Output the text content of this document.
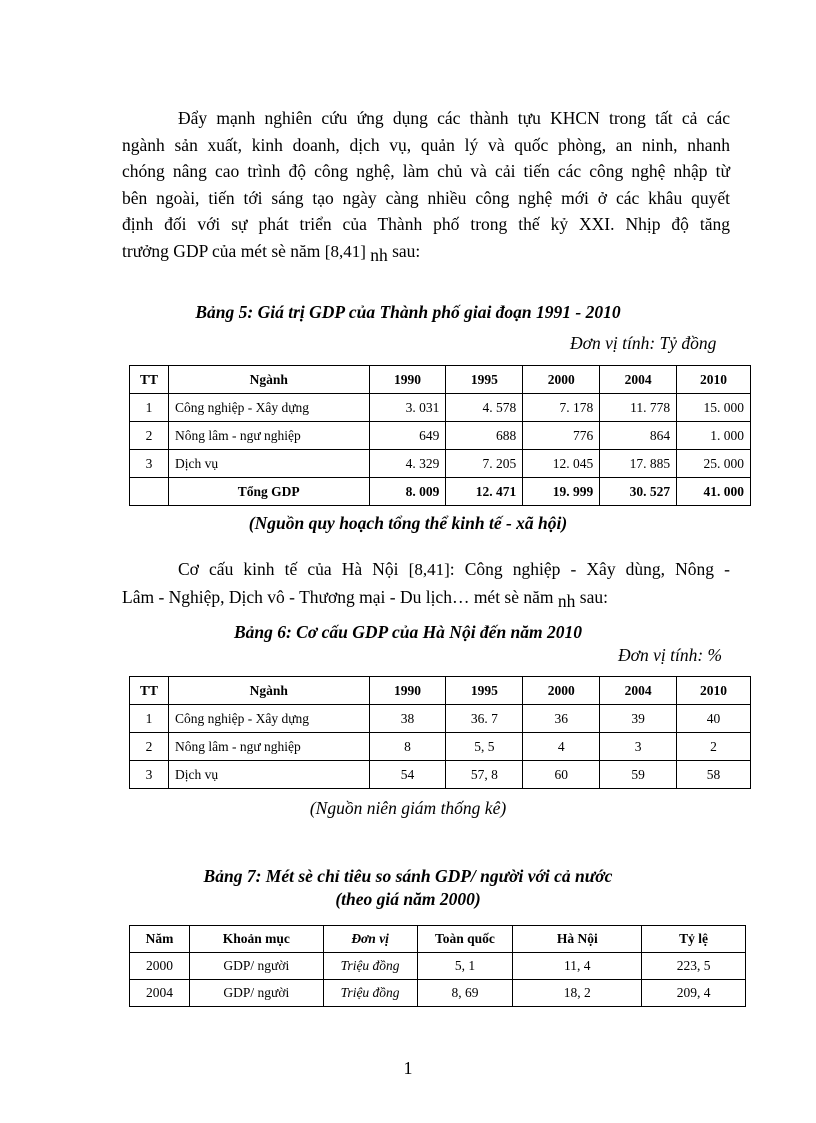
Đẩy mạnh nghiên cứu ứng dụng các thành tựu KHCN trong tất cả các
ngành sản xuất, kinh doanh, dịch vụ, quản lý và quốc phòng, an ninh, nhanh
chóng nâng cao trình độ công nghệ, làm chủ và cải tiến các công nghệ nhập từ
bên ngoài, tiến tới sáng tạo ngày càng nhiều công nghệ mới ở các khâu quyết
định đối với sự phát triển của Thành phố trong thế kỷ XXI. Nhịp độ tăng
trưởng GDP của mét sè năm [8,41] nh sau:
Bảng 5: Giá trị GDP của Thành phố giai đoạn 1991 - 2010
Đơn vị tính: Tỷ đồng
TT	Ngành	1990	1995	2000	2004	2010
1	Công nghiệp - Xây dựng	3. 031	4. 578	7. 178	11. 778	15. 000
2	Nông lâm - ngư nghiệp	649	688	776	864	1. 000
3	Dịch vụ	4. 329	7. 205	12. 045	17. 885	25. 000
	Tổng GDP	8. 009	12. 471	19. 999	30. 527	41. 000
(Nguồn quy hoạch tổng thể kinh tế - xã hội)
Cơ cấu kinh tế của Hà Nội [8,41]: Công nghiệp - Xây dùng, Nông -
Lâm - Nghiệp, Dịch vô - Thương mại - Du lịch… mét sè năm nh sau:
Bảng 6: Cơ cấu GDP của Hà Nội đến năm 2010
Đơn vị tính: %
TT	Ngành	1990	1995	2000	2004	2010
1	Công nghiệp - Xây dựng	38	36. 7	36	39	40
2	Nông lâm - ngư nghiệp	8	5, 5	4	3	2
3	Dịch vụ	54	57, 8	60	59	58
(Nguồn niên giám thống kê)
Bảng 7: Mét sè chỉ tiêu so sánh GDP/ người với cả nước
(theo giá năm 2000)
Năm	Khoản mục	Đơn vị	Toàn quốc	Hà Nội	Tỷ lệ
2000	GDP/ người	Triệu đồng	5, 1	11, 4	223, 5
2004	GDP/ người	Triệu đồng	8, 69	18, 2	209, 4
1
